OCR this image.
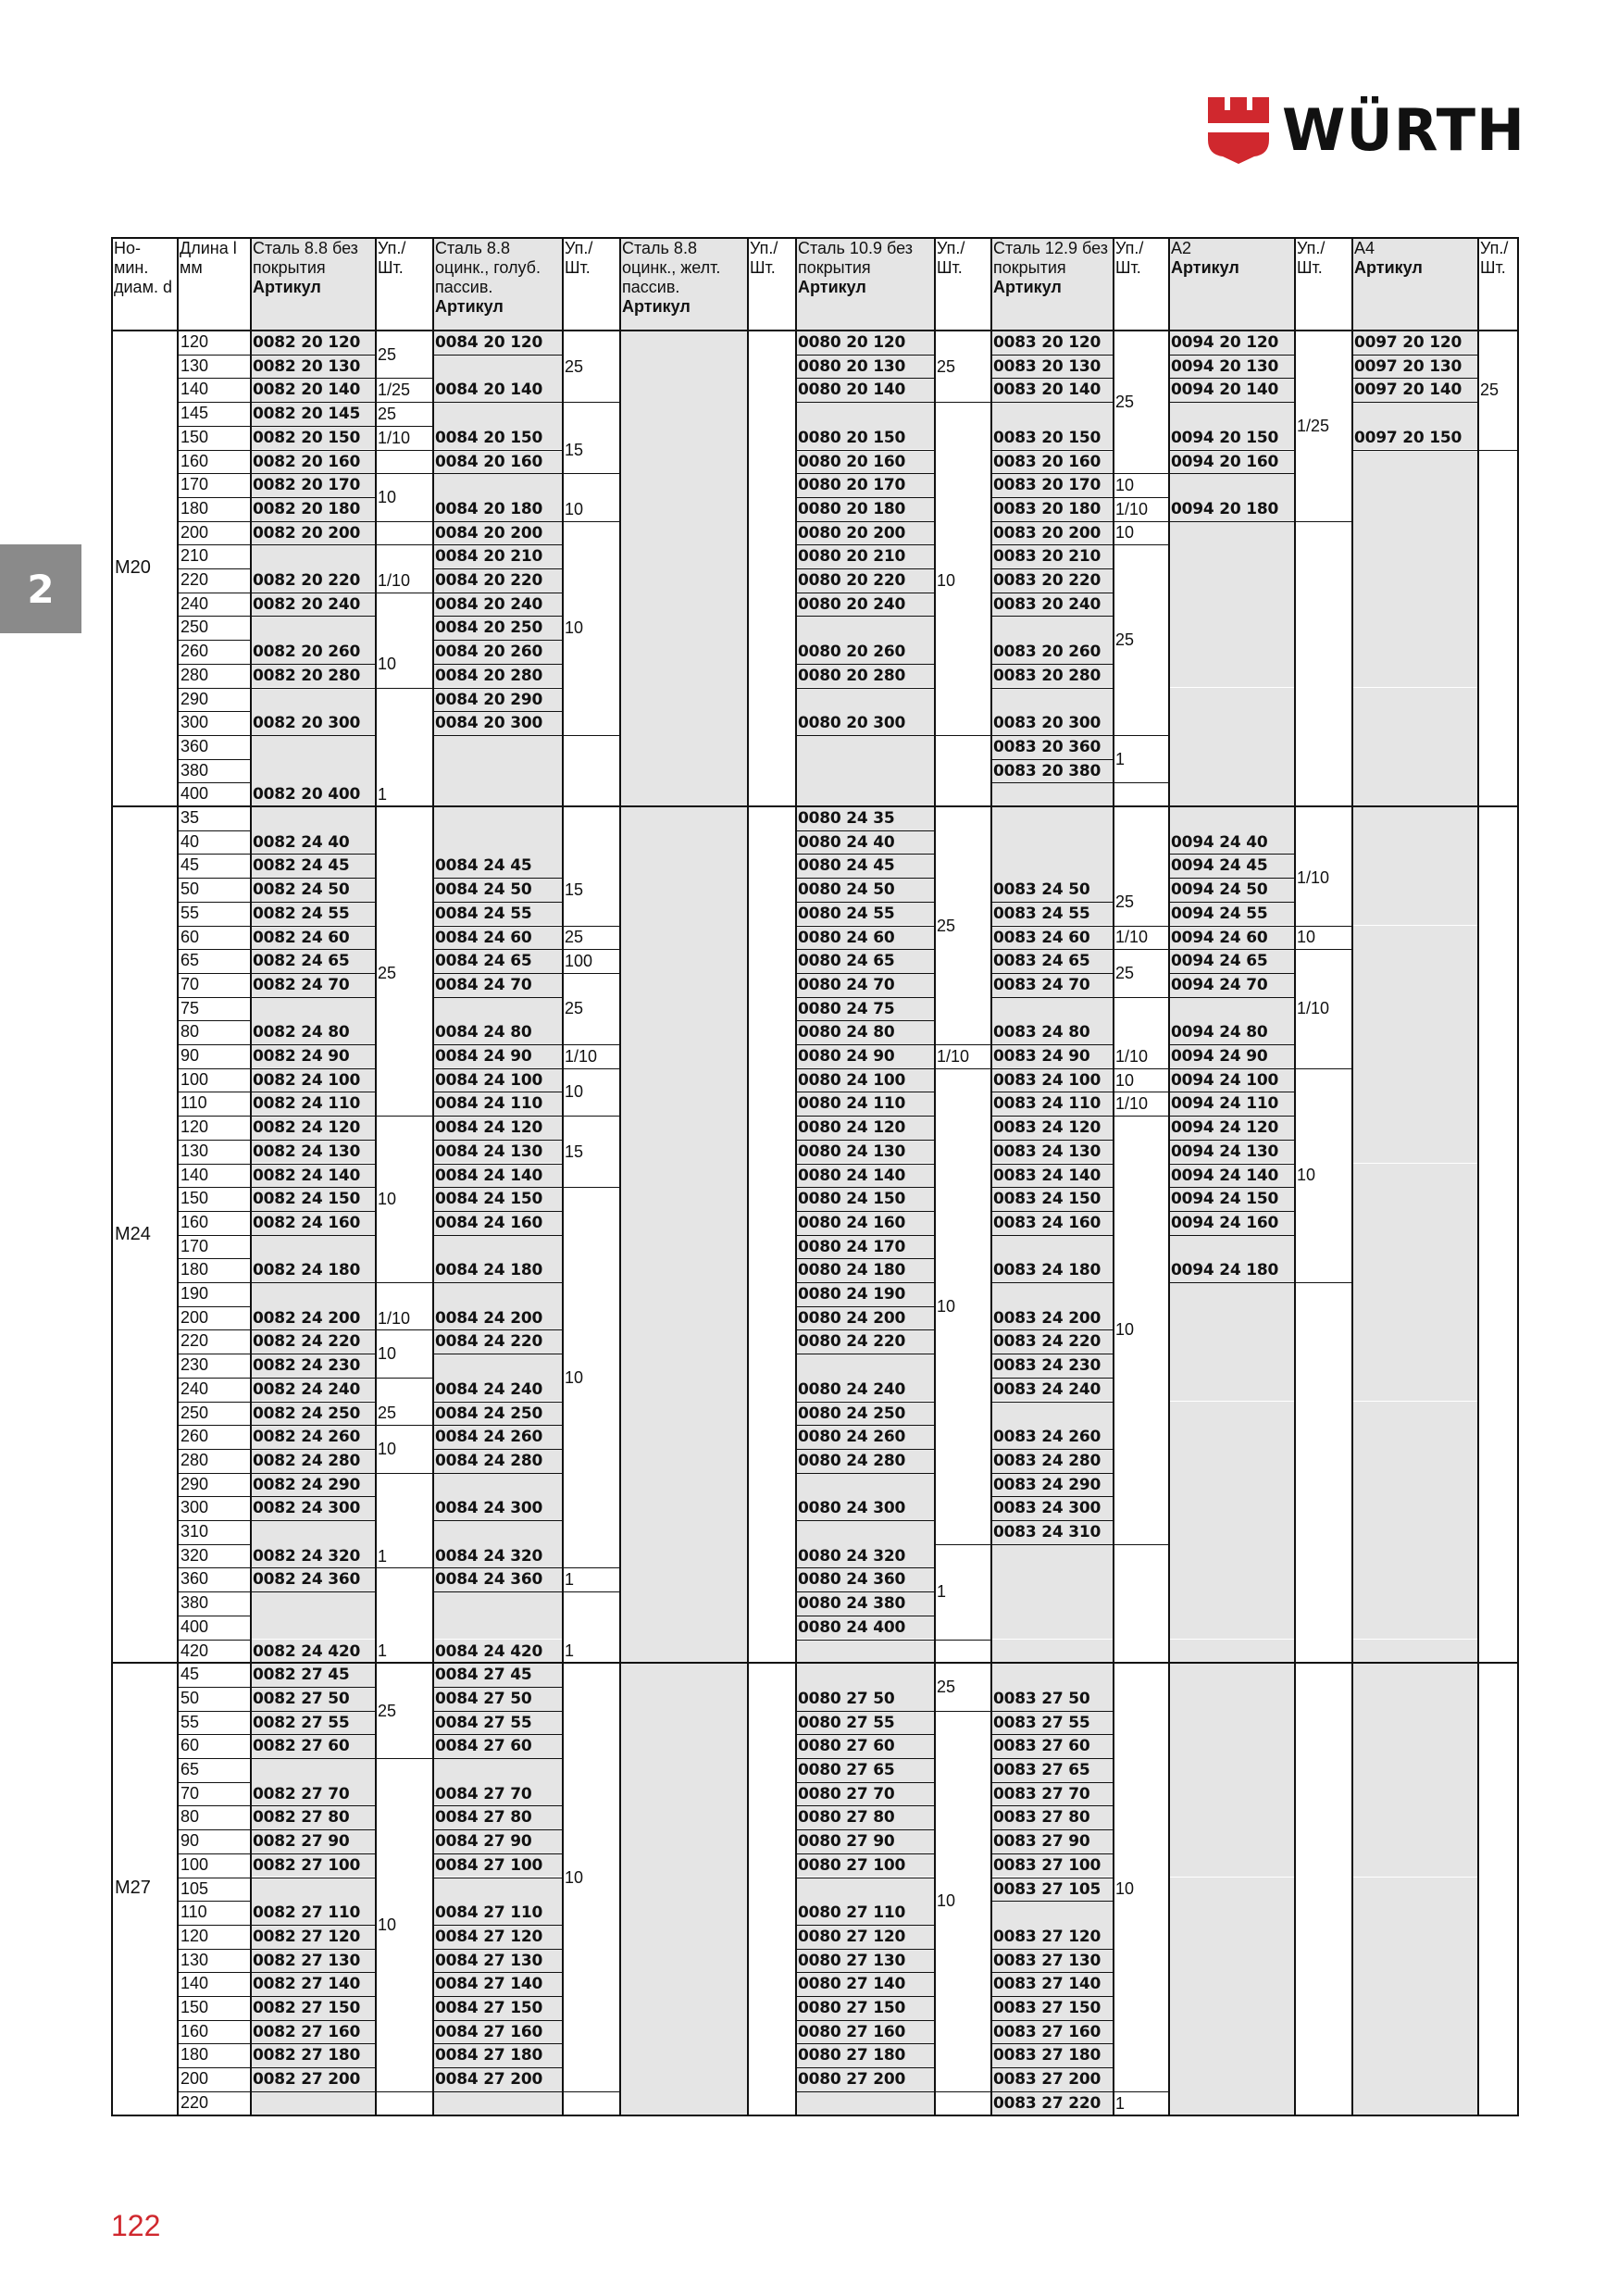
WÜRTH
2
Но-мин. диам. d
Длина l мм
Сталь 8.8 без покрытия
Артикул
Уп./ Шт.
Сталь 8.8 оцинк., голуб. пассив.
Артикул
Уп./ Шт.
Сталь 8.8 оцинк., желт. пассив.
Артикул
Уп./ Шт.
Сталь 10.9 без покрытия
Артикул
Уп./ Шт.
Сталь 12.9 без покрытия
Артикул
Уп./ Шт.
A2
Артикул
Уп./ Шт.
A4
Артикул
Уп./ Шт.
M20
120
130
140
145
150
160
170
180
200
210
220
240
250
260
280
290
300
360
380
400
0082 20 120
0082 20 130
0082 20 140
0082 20 145
0082 20 150
0082 20 160
0082 20 170
0082 20 180
0082 20 200
0082 20 220
0082 20 240
0082 20 260
0082 20 280
0082 20 300
0082 20 400
0084 20 120
0084 20 140
0084 20 150
0084 20 160
0084 20 180
0084 20 200
0084 20 210
0084 20 220
0084 20 240
0084 20 250
0084 20 260
0084 20 280
0084 20 290
0084 20 300
0080 20 120
0080 20 130
0080 20 140
0080 20 150
0080 20 160
0080 20 170
0080 20 180
0080 20 200
0080 20 210
0080 20 220
0080 20 240
0080 20 260
0080 20 280
0080 20 300
0083 20 120
0083 20 130
0083 20 140
0083 20 150
0083 20 160
0083 20 170
0083 20 180
0083 20 200
0083 20 210
0083 20 220
0083 20 240
0083 20 260
0083 20 280
0083 20 300
0083 20 360
0083 20 380
0094 20 120
0094 20 130
0094 20 140
0094 20 150
0094 20 160
0094 20 180
0097 20 120
0097 20 130
0097 20 140
0097 20 150
M24
35
40
45
50
55
60
65
70
75
80
90
100
110
120
130
140
150
160
170
180
190
200
220
230
240
250
260
280
290
300
310
320
360
380
400
420
0082 24 40
0082 24 45
0082 24 50
0082 24 55
0082 24 60
0082 24 65
0082 24 70
0082 24 80
0082 24 90
0082 24 100
0082 24 110
0082 24 120
0082 24 130
0082 24 140
0082 24 150
0082 24 160
0082 24 180
0082 24 200
0082 24 220
0082 24 230
0082 24 240
0082 24 250
0082 24 260
0082 24 280
0082 24 290
0082 24 300
0082 24 320
0082 24 360
0082 24 420
0084 24 45
0084 24 50
0084 24 55
0084 24 60
0084 24 65
0084 24 70
0084 24 80
0084 24 90
0084 24 100
0084 24 110
0084 24 120
0084 24 130
0084 24 140
0084 24 150
0084 24 160
0084 24 180
0084 24 200
0084 24 220
0084 24 240
0084 24 250
0084 24 260
0084 24 280
0084 24 300
0084 24 320
0084 24 360
0084 24 420
0080 24 35
0080 24 40
0080 24 45
0080 24 50
0080 24 55
0080 24 60
0080 24 65
0080 24 70
0080 24 75
0080 24 80
0080 24 90
0080 24 100
0080 24 110
0080 24 120
0080 24 130
0080 24 140
0080 24 150
0080 24 160
0080 24 170
0080 24 180
0080 24 190
0080 24 200
0080 24 220
0080 24 240
0080 24 250
0080 24 260
0080 24 280
0080 24 300
0080 24 320
0080 24 360
0080 24 380
0080 24 400
0083 24 50
0083 24 55
0083 24 60
0083 24 65
0083 24 70
0083 24 80
0083 24 90
0083 24 100
0083 24 110
0083 24 120
0083 24 130
0083 24 140
0083 24 150
0083 24 160
0083 24 180
0083 24 200
0083 24 220
0083 24 230
0083 24 240
0083 24 260
0083 24 280
0083 24 290
0083 24 300
0083 24 310
0094 24 40
0094 24 45
0094 24 50
0094 24 55
0094 24 60
0094 24 65
0094 24 70
0094 24 80
0094 24 90
0094 24 100
0094 24 110
0094 24 120
0094 24 130
0094 24 140
0094 24 150
0094 24 160
0094 24 180
M27
45
50
55
60
65
70
80
90
100
105
110
120
130
140
150
160
180
200
220
0082 27 45
0082 27 50
0082 27 55
0082 27 60
0082 27 70
0082 27 80
0082 27 90
0082 27 100
0082 27 110
0082 27 120
0082 27 130
0082 27 140
0082 27 150
0082 27 160
0082 27 180
0082 27 200
0084 27 45
0084 27 50
0084 27 55
0084 27 60
0084 27 70
0084 27 80
0084 27 90
0084 27 100
0084 27 110
0084 27 120
0084 27 130
0084 27 140
0084 27 150
0084 27 160
0084 27 180
0084 27 200
0080 27 50
0080 27 55
0080 27 60
0080 27 65
0080 27 70
0080 27 80
0080 27 90
0080 27 100
0080 27 110
0080 27 120
0080 27 130
0080 27 140
0080 27 150
0080 27 160
0080 27 180
0080 27 200
0083 27 50
0083 27 55
0083 27 60
0083 27 65
0083 27 70
0083 27 80
0083 27 90
0083 27 100
0083 27 105
0083 27 120
0083 27 130
0083 27 140
0083 27 150
0083 27 160
0083 27 180
0083 27 200
0083 27 220
25
1/25
25
1/10
10
1/10
10
1
1/10
10
25
10
1
1
25
10
25
10
25
15
10
10
15
25
100
25
1/10
10
15
10
1
1
10
25
10
25
1/10
10
1
25
10
25
10
1/10
10
25
1
25
1/10
25
1/10
10
1/10
10
10
1
1/25
1/10
10
1/10
10
25
122
